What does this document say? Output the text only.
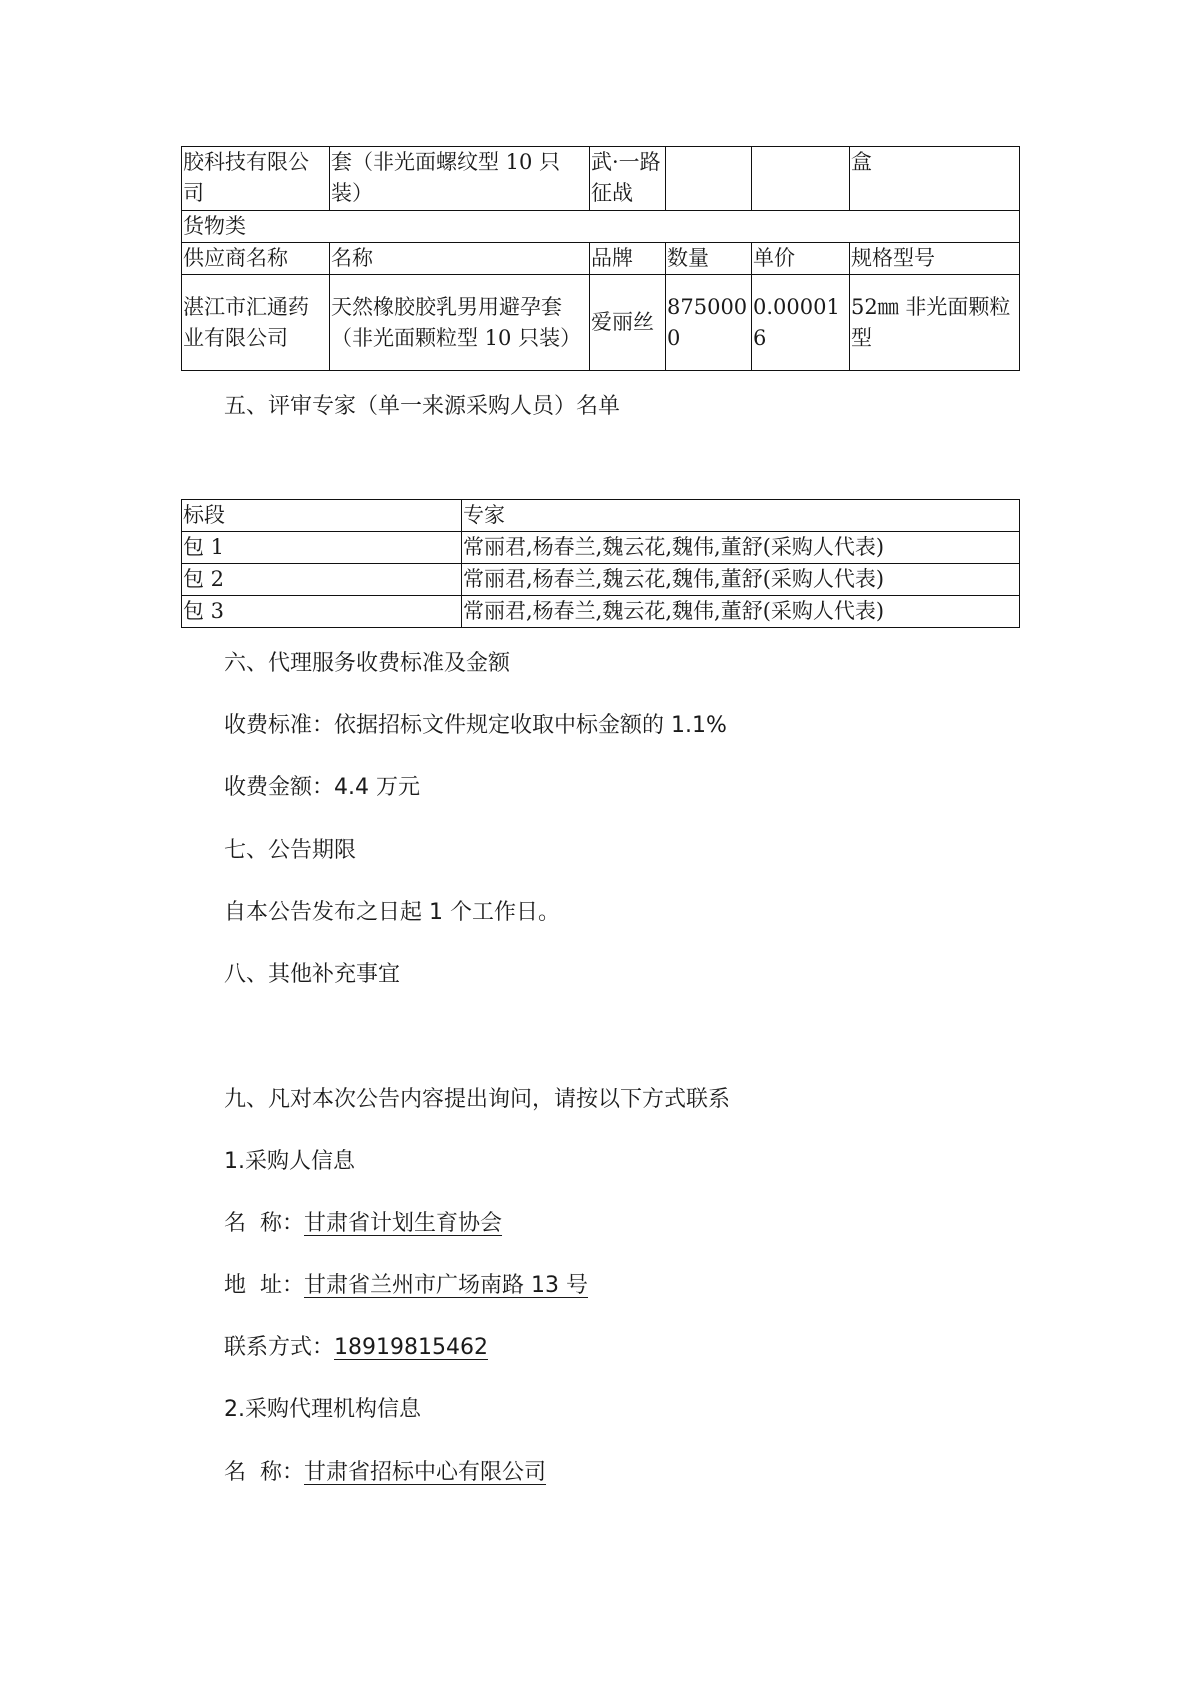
胶科技有限公司	套（非光面螺纹型 10 只装）	武·一路征战			盒
货物类					
供应商名称	名称	品牌	数量	单价	规格型号
湛江市汇通药业有限公司	天然橡胶胶乳男用避孕套（非光面颗粒型 10 只装）	爱丽丝	8750000	0.000016	52㎜ 非光面颗粒型
五、评审专家（单一来源采购人员）名单
标段	专家
包 1	常丽君,杨春兰,魏云花,魏伟,董舒(采购人代表)
包 2	常丽君,杨春兰,魏云花,魏伟,董舒(采购人代表)
包 3	常丽君,杨春兰,魏云花,魏伟,董舒(采购人代表)
六、代理服务收费标准及金额
收费标准：依据招标文件规定收取中标金额的 1.1%
收费金额：4.4 万元
七、公告期限
自本公告发布之日起 1 个工作日。
八、其他补充事宜
九、凡对本次公告内容提出询问，请按以下方式联系
1.采购人信息
名  称：甘肃省计划生育协会
地  址：甘肃省兰州市广场南路 13 号
联系方式：18919815462
2.采购代理机构信息
名  称：甘肃省招标中心有限公司
